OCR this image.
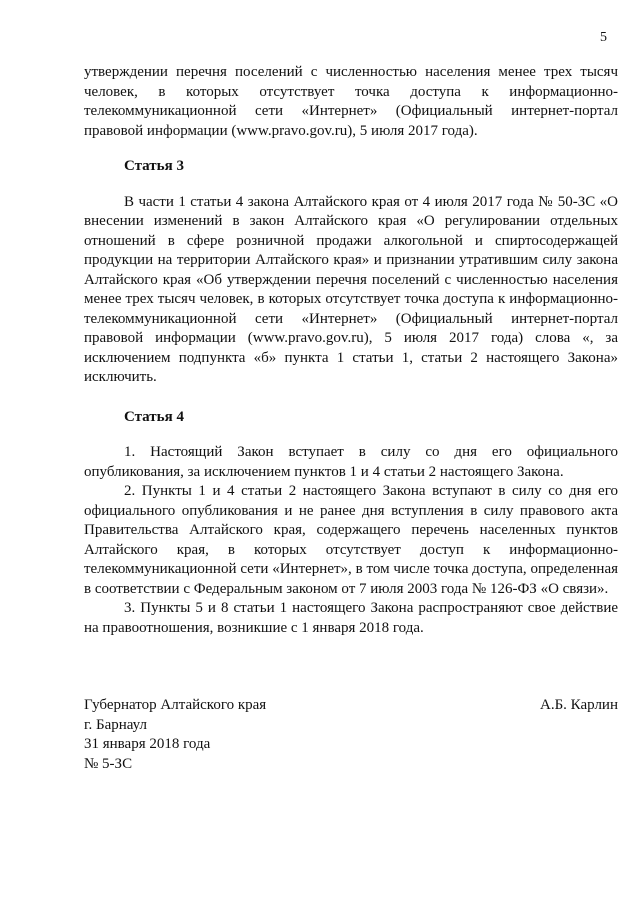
5

утверждении перечня поселений с численностью населения менее трех тысяч человек, в которых отсутствует точка доступа к информационно-телекоммуникационной сети «Интернет» (Официальный интернет-портал правовой информации (www.pravo.gov.ru), 5 июля 2017 года).

Статья 3

В части 1 статьи 4 закона Алтайского края от 4 июля 2017 года № 50-ЗС «О внесении изменений в закон Алтайского края «О регулировании отдельных отношений в сфере розничной продажи алкогольной и спиртосодержащей продукции на территории Алтайского края» и признании утратившим силу закона Алтайского края «Об утверждении перечня поселений с численностью населения менее трех тысяч человек, в которых отсутствует точка доступа к информационно-телекоммуникационной сети «Интернет» (Официальный интернет-портал правовой информации (www.pravo.gov.ru), 5 июля 2017 года) слова «, за исключением подпункта «б» пункта 1 статьи 1, статьи 2 настоящего Закона» исключить.

Статья 4

1. Настоящий Закон вступает в силу со дня его официального опубликования, за исключением пунктов 1 и 4 статьи 2 настоящего Закона.

2. Пункты 1 и 4 статьи 2 настоящего Закона вступают в силу со дня его официального опубликования и не ранее дня вступления в силу правового акта Правительства Алтайского края, содержащего перечень населенных пунктов Алтайского края, в которых отсутствует доступ к информационно-телекоммуникационной сети «Интернет», в том числе точка доступа, определенная в соответствии с Федеральным законом от 7 июля 2003 года № 126-ФЗ «О связи».

3. Пункты 5 и 8 статьи 1 настоящего Закона распространяют свое действие на правоотношения, возникшие с 1 января 2018 года.

Губернатор Алтайского края	А.Б. Карлин
г. Барнаул
31 января 2018 года
№ 5-ЗС
